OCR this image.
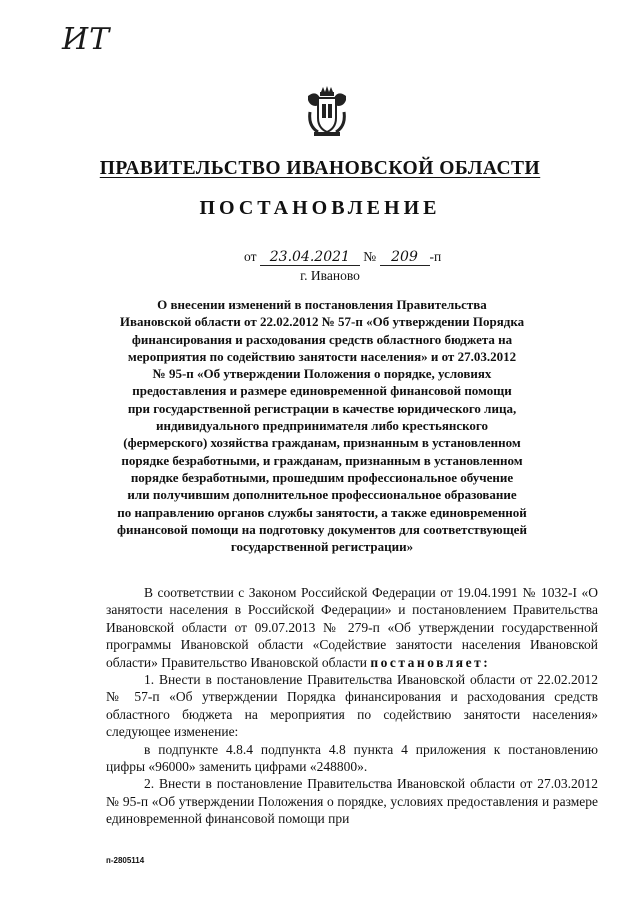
ИТ
ПРАВИТЕЛЬСТВО ИВАНОВСКОЙ ОБЛАСТИ
ПОСТАНОВЛЕНИЕ
от 23.04.2021 № 209 -п
г. Иваново
О внесении изменений в постановления Правительства
Ивановской области от 22.02.2012 № 57-п «Об утверждении Порядка
финансирования и расходования средств областного бюджета на
мероприятия по содействию занятости населения» и от 27.03.2012
№ 95-п «Об утверждении Положения о порядке, условиях
предоставления и размере единовременной финансовой помощи
при государственной регистрации в качестве юридического лица,
индивидуального предпринимателя либо крестьянского
(фермерского) хозяйства гражданам, признанным в установленном
порядке безработными, и гражданам, признанным в установленном
порядке безработными, прошедшим профессиональное обучение
или получившим дополнительное профессиональное образование
по направлению органов службы занятости, а также единовременной
финансовой помощи на подготовку документов для соответствующей
государственной регистрации»

В соответствии с Законом Российской Федерации от 19.04.1991 № 1032-I «О занятости населения в Российской Федерации» и постановлением Правительства Ивановской области от 09.07.2013 № 279-п «Об утверждении государственной программы Ивановской области «Содействие занятости населения Ивановской области» Правительство Ивановской области постановляет:

1. Внести в постановление Правительства Ивановской области от 22.02.2012 № 57-п «Об утверждении Порядка финансирования и расходования средств областного бюджета на мероприятия по содействию занятости населения» следующее изменение:

в подпункте 4.8.4 подпункта 4.8 пункта 4 приложения к постановлению цифры «96000» заменить цифрами «248800».

2. Внести в постановление Правительства Ивановской области от 27.03.2012 № 95-п «Об утверждении Положения о порядке, условиях предоставления и размере единовременной финансовой помощи при

п-2805114
